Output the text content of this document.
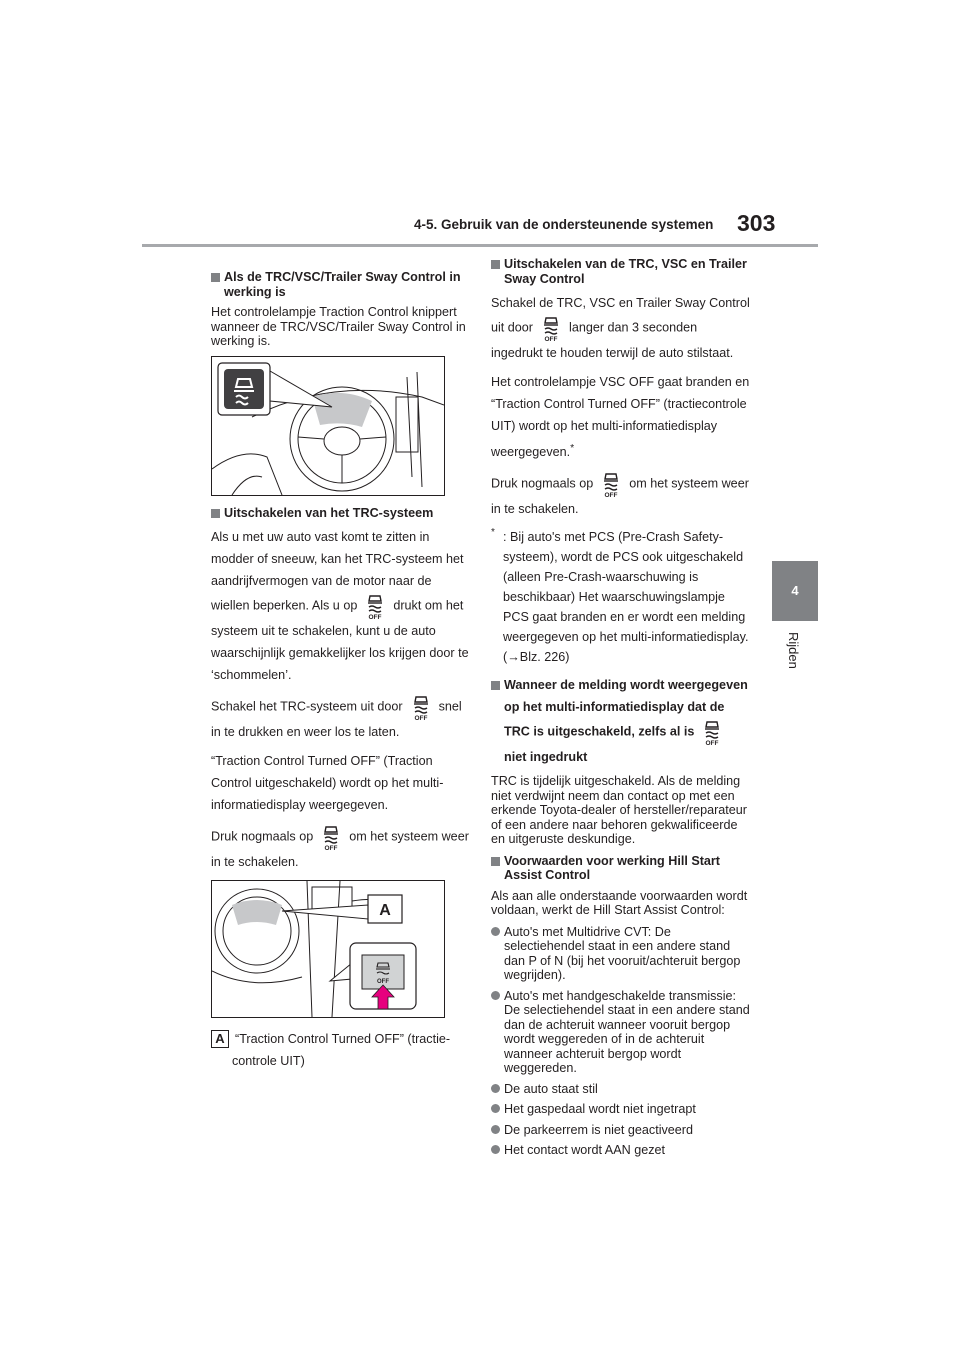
4-5. Gebruik van de ondersteunende systemen 303
4
Rijden
Als de TRC/VSC/Trailer Sway Control in werking is

Het controlelampje Traction Control knippert wanneer de TRC/VSC/Trailer Sway Control in werking is.

Uitschakelen van het TRC-systeem

Als u met uw auto vast komt te zitten in modder of sneeuw, kan het TRC-systeem het aandrijfvermogen van de motor naar de wiellen beperken. Als u op
OFF
drukt om het systeem uit te schakelen, kunt u de auto waarschijnlijk gemakkelijker los krijgen door te ‘schommelen’.

Schakel het TRC-systeem uit door
OFF
snel in te drukken en weer los te laten.

“Traction Control Turned OFF” (Traction Control uitgeschakeld) wordt op het multi-informatiedisplay weergegeven.

Druk nogmaals op
OFF
om het systeem weer in te schakelen.

A
OFF
A “Traction Control Turned OFF” (tractie-
controle UIT)
Uitschakelen van de TRC, VSC en Trailer Sway Control

Schakel de TRC, VSC en Trailer Sway Control uit door
OFF
langer dan 3 seconden ingedrukt te houden terwijl de auto stilstaat.

Het controlelampje VSC OFF gaat branden en “Traction Control Turned OFF” (tractiecontrole UIT) wordt op het multi-informatiedisplay weergegeven.*

Druk nogmaals op
OFF
om het systeem weer in te schakelen.

* : Bij auto's met PCS (Pre-Crash Safety-systeem), wordt de PCS ook uitgeschakeld (alleen Pre-Crash-waarschuwing is beschikbaar) Het waarschuwingslampje PCS gaat branden en er wordt een melding weergegeven op het multi-informatiedisplay. (→Blz. 226)

Wanneer de melding wordt weergegeven op het multi-informatiedisplay dat de TRC is uitgeschakeld, zelfs al is
OFF
niet ingedrukt

TRC is tijdelijk uitgeschakeld. Als de melding niet verdwijnt neem dan contact op met een erkende Toyota-dealer of hersteller/reparateur of een andere naar behoren gekwalificeerde en uitgeruste deskundige.

Voorwaarden voor werking Hill Start Assist Control

Als aan alle onderstaande voorwaarden wordt voldaan, werkt de Hill Start Assist Control:

Auto's met Multidrive CVT: De selectiehendel staat in een andere stand dan P of N (bij het vooruit/achteruit bergop wegrijden).
Auto's met handgeschakelde transmissie: De selectiehendel staat in een andere stand dan de achteruit wanneer vooruit bergop wordt weggereden of in de achteruit wanneer achteruit bergop wordt weggereden.
De auto staat stil
Het gaspedaal wordt niet ingetrapt
De parkeerrem is niet geactiveerd
Het contact wordt AAN gezet
